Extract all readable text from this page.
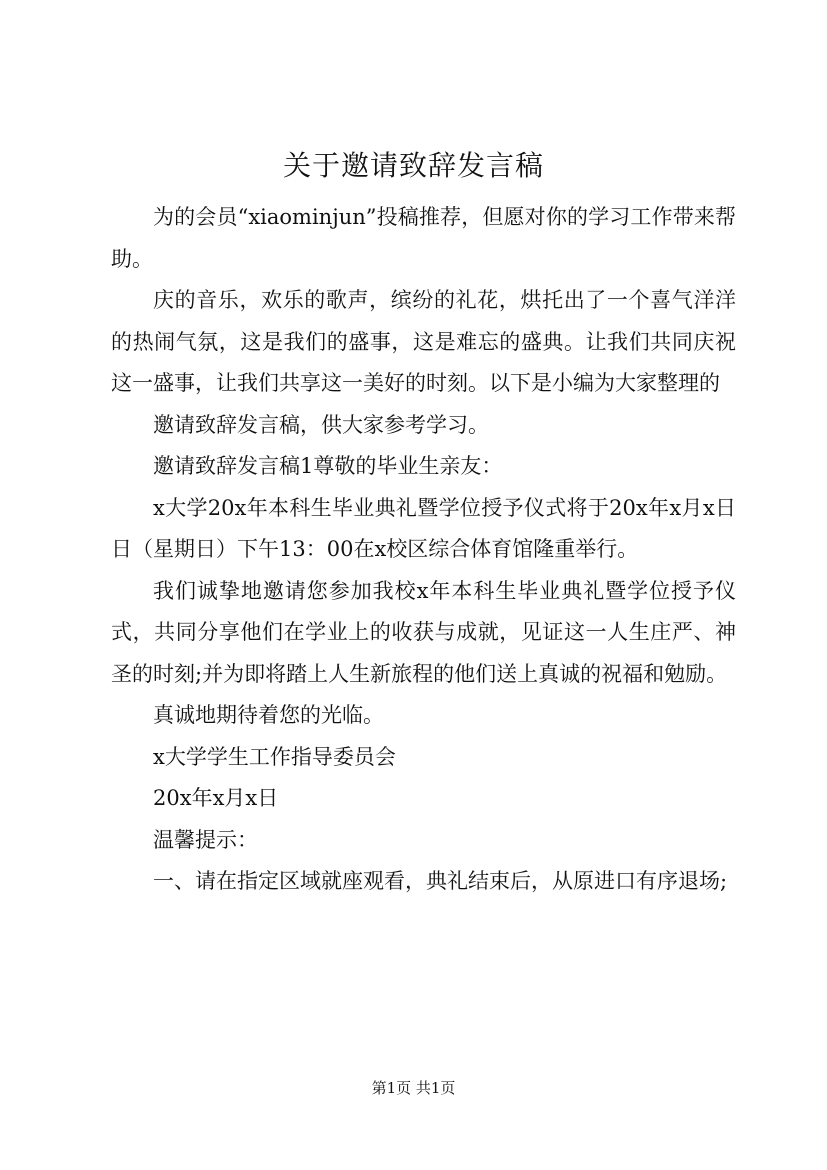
关于邀请致辞发言稿

为的会员“xiaominjun”投稿推荐，但愿对你的学习工作带来帮助。

庆的音乐，欢乐的歌声，缤纷的礼花，烘托出了一个喜气洋洋的热闹气氛，这是我们的盛事，这是难忘的盛典。让我们共同庆祝这一盛事，让我们共享这一美好的时刻。以下是小编为大家整理的

邀请致辞发言稿，供大家参考学习。

邀请致辞发言稿1尊敬的毕业生亲友：

x大学20x年本科生毕业典礼暨学位授予仪式将于20x年x月x日日（星期日）下午13：00在x校区综合体育馆隆重举行。

我们诚挚地邀请您参加我校x年本科生毕业典礼暨学位授予仪式，共同分享他们在学业上的收获与成就，见证这一人生庄严、神圣的时刻;并为即将踏上人生新旅程的他们送上真诚的祝福和勉励。

真诚地期待着您的光临。

x大学学生工作指导委员会

20x年x月x日

温馨提示：

一、请在指定区域就座观看，典礼结束后，从原进口有序退场;

第1页 共1页
